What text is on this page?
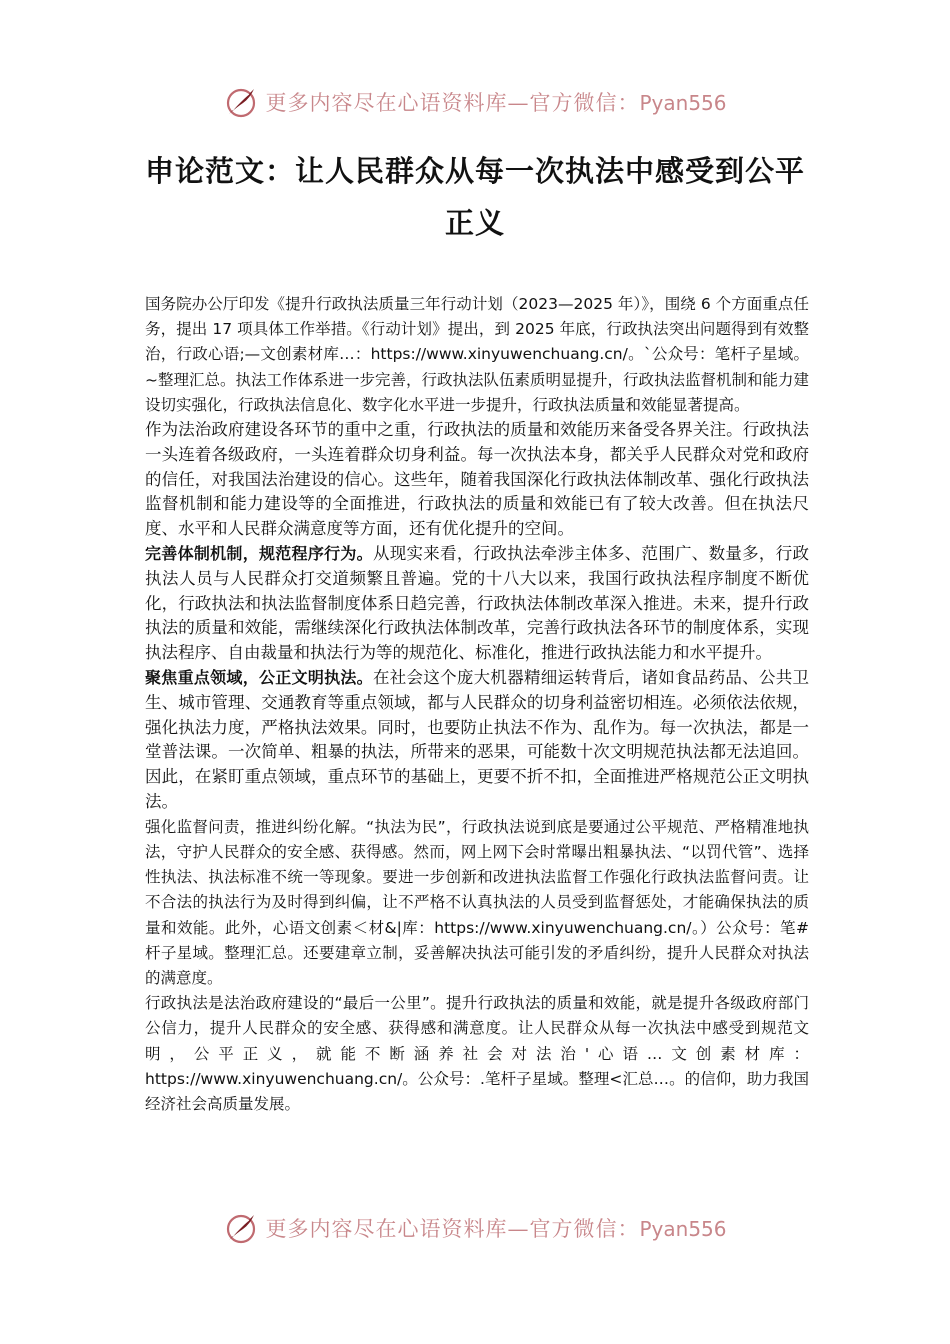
更多内容尽在心语资料库—官方微信：Pyan556
申论范文：让人民群众从每一次执法中感受到公平正义

国务院办公厅印发《提升行政执法质量三年行动计划（2023—2025 年）》，围绕 6 个方面重点任务，提出 17 项具体工作举措。《行动计划》提出，到 2025 年底，行政执法突出问题得到有效整治，行政心语;—文创素材库…：https://www.xinyuwenchuang.cn/。`公众号：笔杆子星域。~整理汇总。执法工作体系进一步完善，行政执法队伍素质明显提升，行政执法监督机制和能力建设切实强化，行政执法信息化、数字化水平进一步提升，行政执法质量和效能显著提高。

作为法治政府建设各环节的重中之重，行政执法的质量和效能历来备受各界关注。行政执法一头连着各级政府，一头连着群众切身利益。每一次执法本身，都关乎人民群众对党和政府的信任，对我国法治建设的信心。这些年，随着我国深化行政执法体制改革、强化行政执法监督机制和能力建设等的全面推进，行政执法的质量和效能已有了较大改善。但在执法尺度、水平和人民群众满意度等方面，还有优化提升的空间。

完善体制机制，规范程序行为。从现实来看，行政执法牵涉主体多、范围广、数量多，行政执法人员与人民群众打交道频繁且普遍。党的十八大以来，我国行政执法程序制度不断优化，行政执法和执法监督制度体系日趋完善，行政执法体制改革深入推进。未来，提升行政执法的质量和效能，需继续深化行政执法体制改革，完善行政执法各环节的制度体系，实现执法程序、自由裁量和执法行为等的规范化、标准化，推进行政执法能力和水平提升。

聚焦重点领域，公正文明执法。在社会这个庞大机器精细运转背后，诸如食品药品、公共卫生、城市管理、交通教育等重点领域，都与人民群众的切身利益密切相连。必须依法依规，强化执法力度，严格执法效果。同时，也要防止执法不作为、乱作为。每一次执法，都是一堂普法课。一次简单、粗暴的执法，所带来的恶果，可能数十次文明规范执法都无法追回。因此，在紧盯重点领域，重点环节的基础上，更要不折不扣，全面推进严格规范公正文明执法。

强化监督问责，推进纠纷化解。“执法为民”，行政执法说到底是要通过公平规范、严格精准地执法，守护人民群众的安全感、获得感。然而，网上网下会时常曝出粗暴执法、“以罚代管”、选择性执法、执法标准不统一等现象。要进一步创新和改进执法监督工作强化行政执法监督问责。让不合法的执法行为及时得到纠偏，让不严格不认真执法的人员受到监督惩处，才能确保执法的质量和效能。此外，心语文创素＜材&|库：https://www.xinyuwenchuang.cn/。）公众号：笔#杆子星域。整理汇总。还要建章立制，妥善解决执法可能引发的矛盾纠纷，提升人民群众对执法的满意度。

行政执法是法治政府建设的“最后一公里”。提升行政执法的质量和效能，就是提升各级政府部门公信力，提升人民群众的安全感、获得感和满意度。让人民群众从每一次执法中感受到规范文明，公平正义，就能不断涵养社会对法治'心语…文创素材库：https://www.xinyuwenchuang.cn/。公众号：.笔杆子星域。整理<汇总…。的信仰，助力我国经济社会高质量发展。

更多内容尽在心语资料库—官方微信：Pyan556
